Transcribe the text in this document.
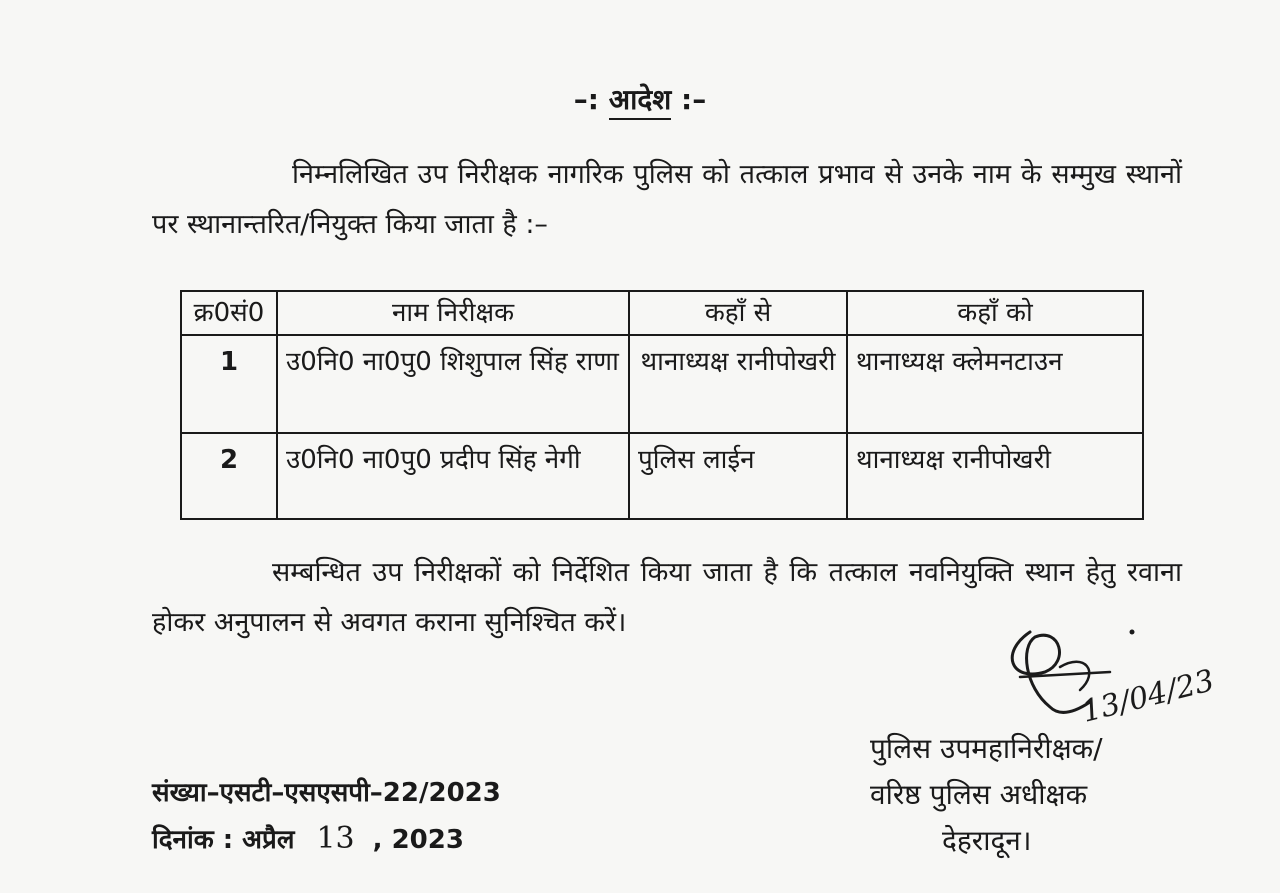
–: आदेश :–
निम्नलिखित उप निरीक्षक नागरिक पुलिस को तत्काल प्रभाव से उनके नाम के सम्मुख स्थानों पर स्थानान्तरित/नियुक्त किया जाता है :–
क्र0सं0	नाम निरीक्षक	कहाँ से	कहाँ को
1	उ0नि0 ना0पु0 शिशुपाल सिंह राणा	थानाध्यक्ष रानीपोखरी	थानाध्यक्ष क्लेमनटाउन
2	उ0नि0 ना0पु0 प्रदीप सिंह नेगी	पुलिस लाईन	थानाध्यक्ष रानीपोखरी
सम्बन्धित उप निरीक्षकों को निर्देशित किया जाता है कि तत्काल नवनियुक्ति स्थान हेतु रवाना होकर अनुपालन से अवगत कराना सुनिश्चित करें।
13/04/23
पुलिस उपमहानिरीक्षक/
वरिष्ठ पुलिस अधीक्षक
देहरादून।
संख्या–एसटी–एसएसपी–22/2023
दिनांक : अप्रैल 13 , 2023
